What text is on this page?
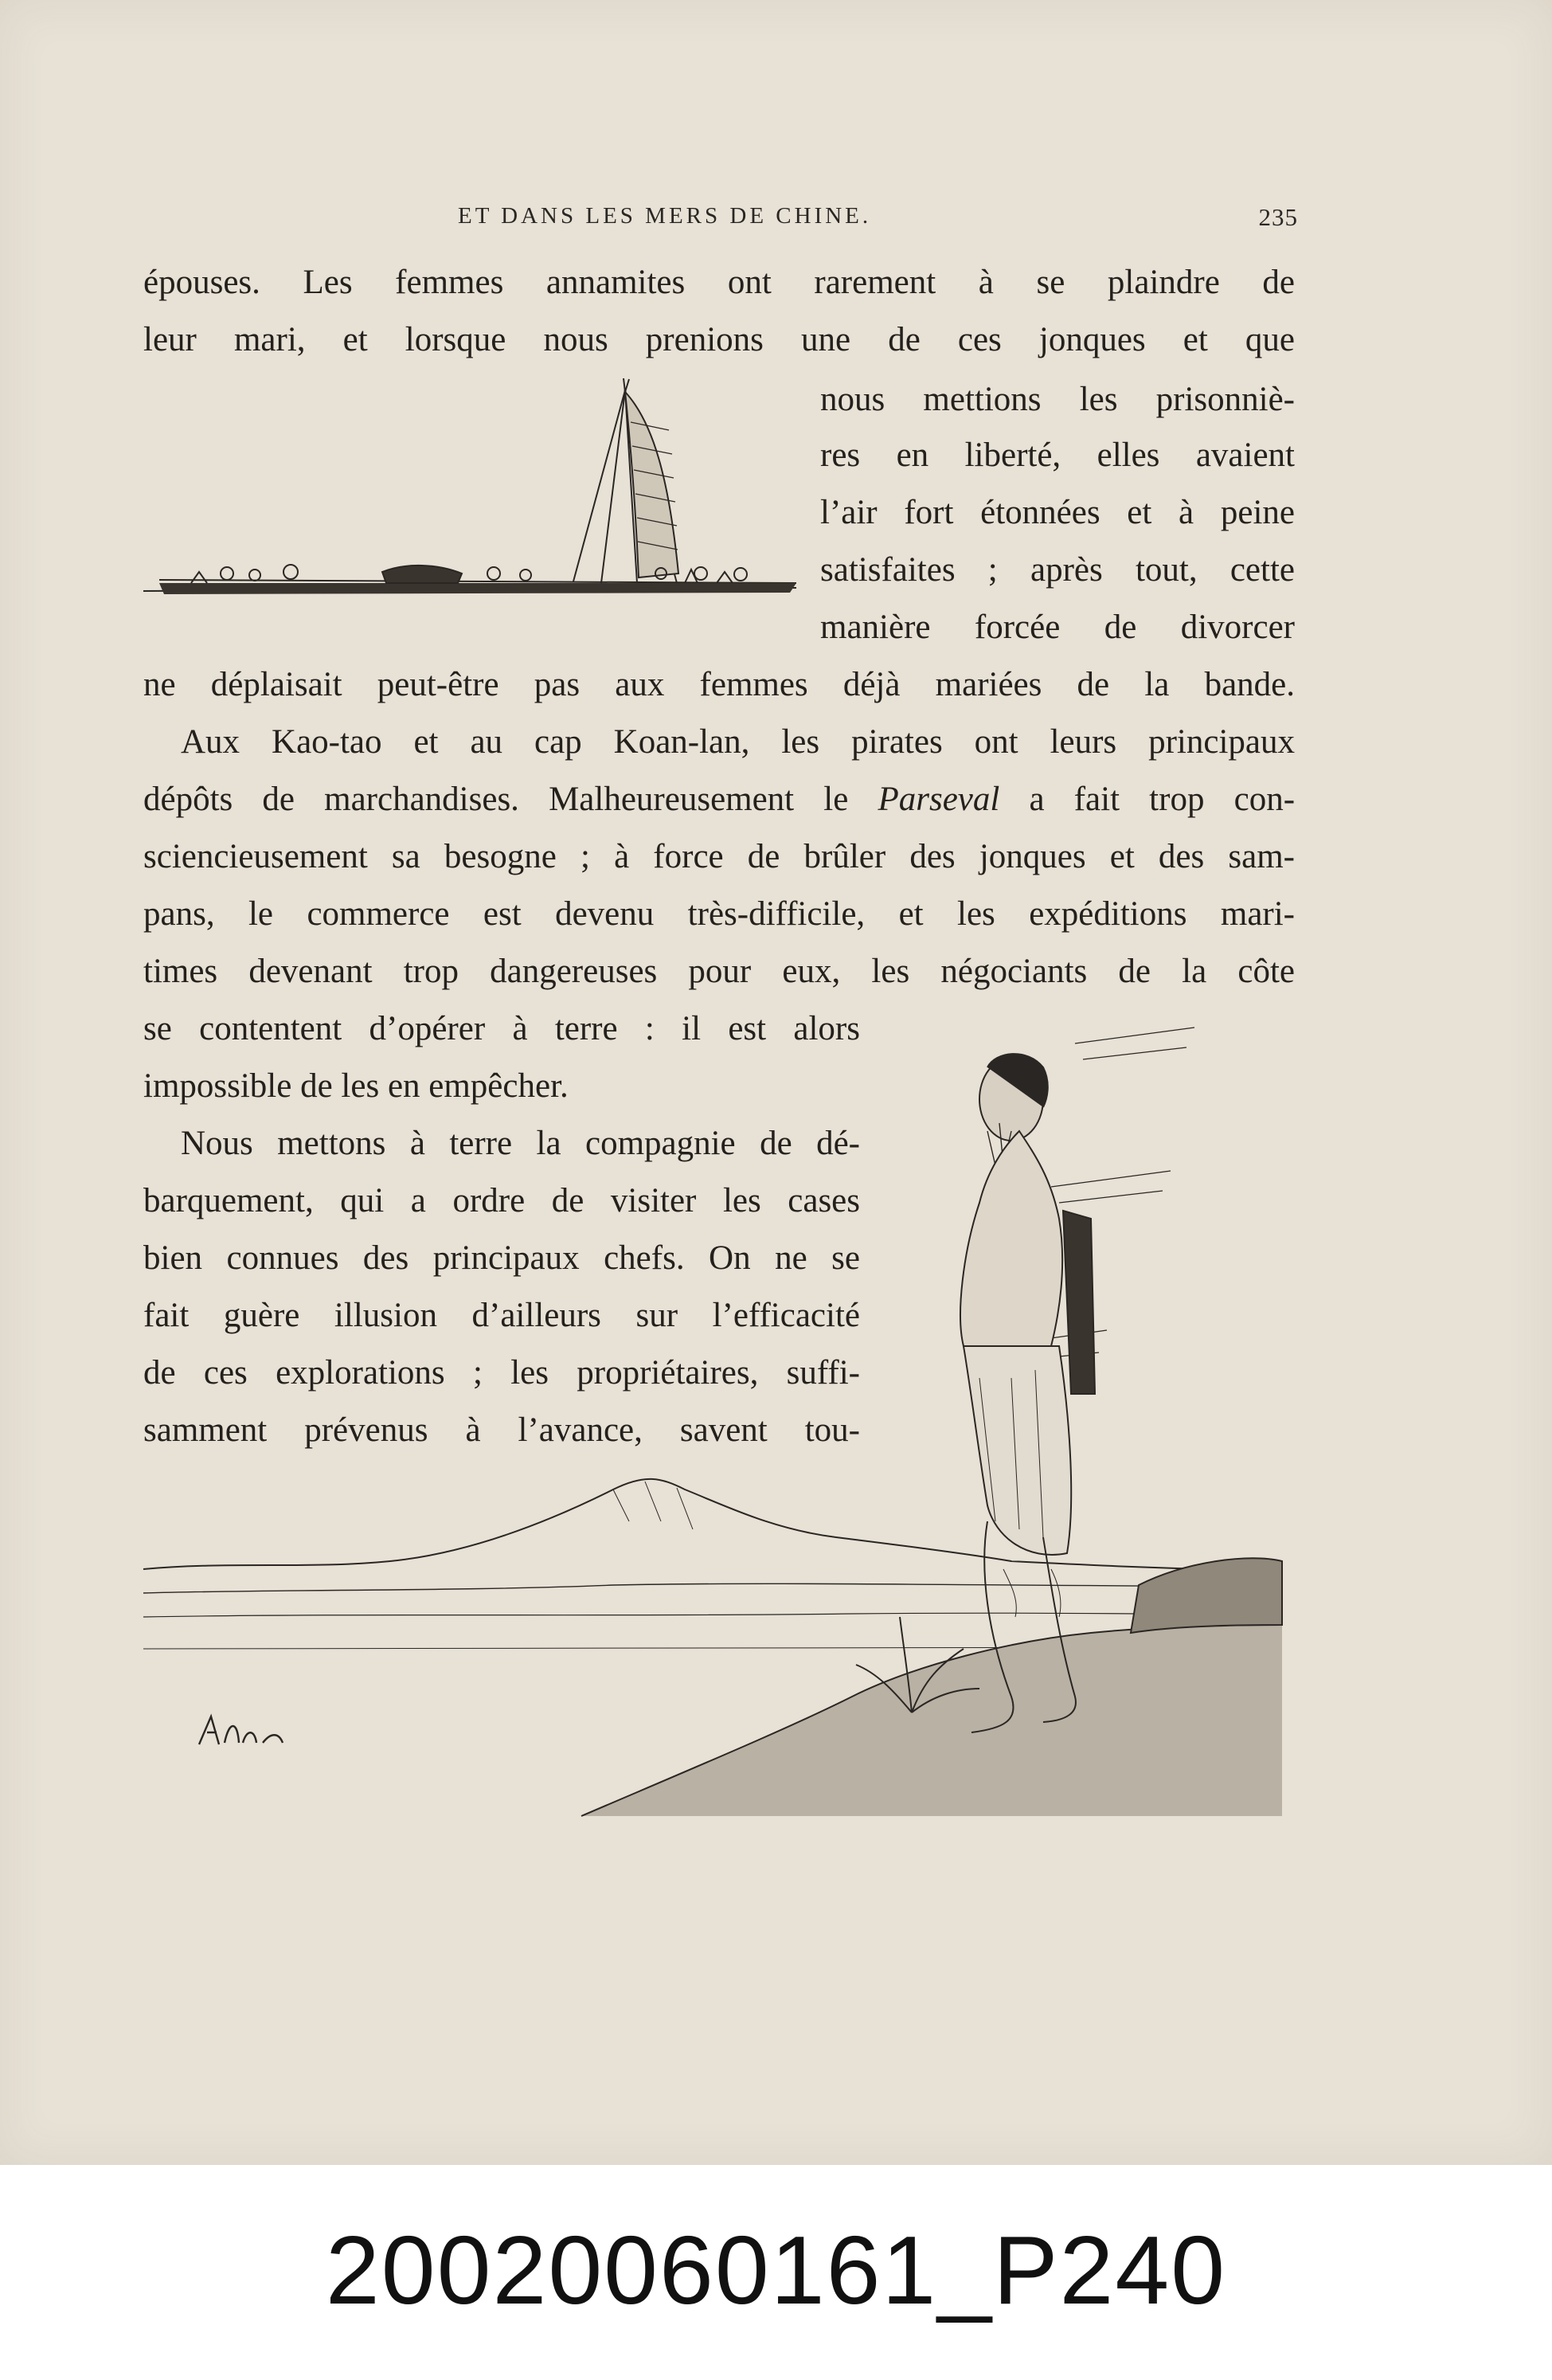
ET DANS LES MERS DE CHINE.	235
épouses. Les femmes annamites ont rarement à se plaindre de
leur mari, et lorsque nous prenions une de ces jonques et que
nous mettions les prisonniè-
res en liberté, elles avaient
l’air fort étonnées et à peine
satisfaites ; après tout, cette
manière forcée de divorcer
ne déplaisait peut-être pas aux femmes déjà mariées de la bande.
Aux Kao-tao et au cap Koan-lan, les pirates ont leurs principaux
dépôts de marchandises. Malheureusement le Parseval a fait trop con-
sciencieusement sa besogne ; à force de brûler des jonques et des sam-
pans, le commerce est devenu très-difficile, et les expéditions mari-
times devenant trop dangereuses pour eux, les négociants de la côte
se contentent d’opérer à terre : il est alors
impossible de les en empêcher.
Nous mettons à terre la compagnie de dé-
barquement, qui a ordre de visiter les cases
bien connues des principaux chefs. On ne se
fait guère illusion d’ailleurs sur l’efficacité
de ces explorations ; les propriétaires, suffi-
samment prévenus à l’avance, savent tou-
20020060161_P240
